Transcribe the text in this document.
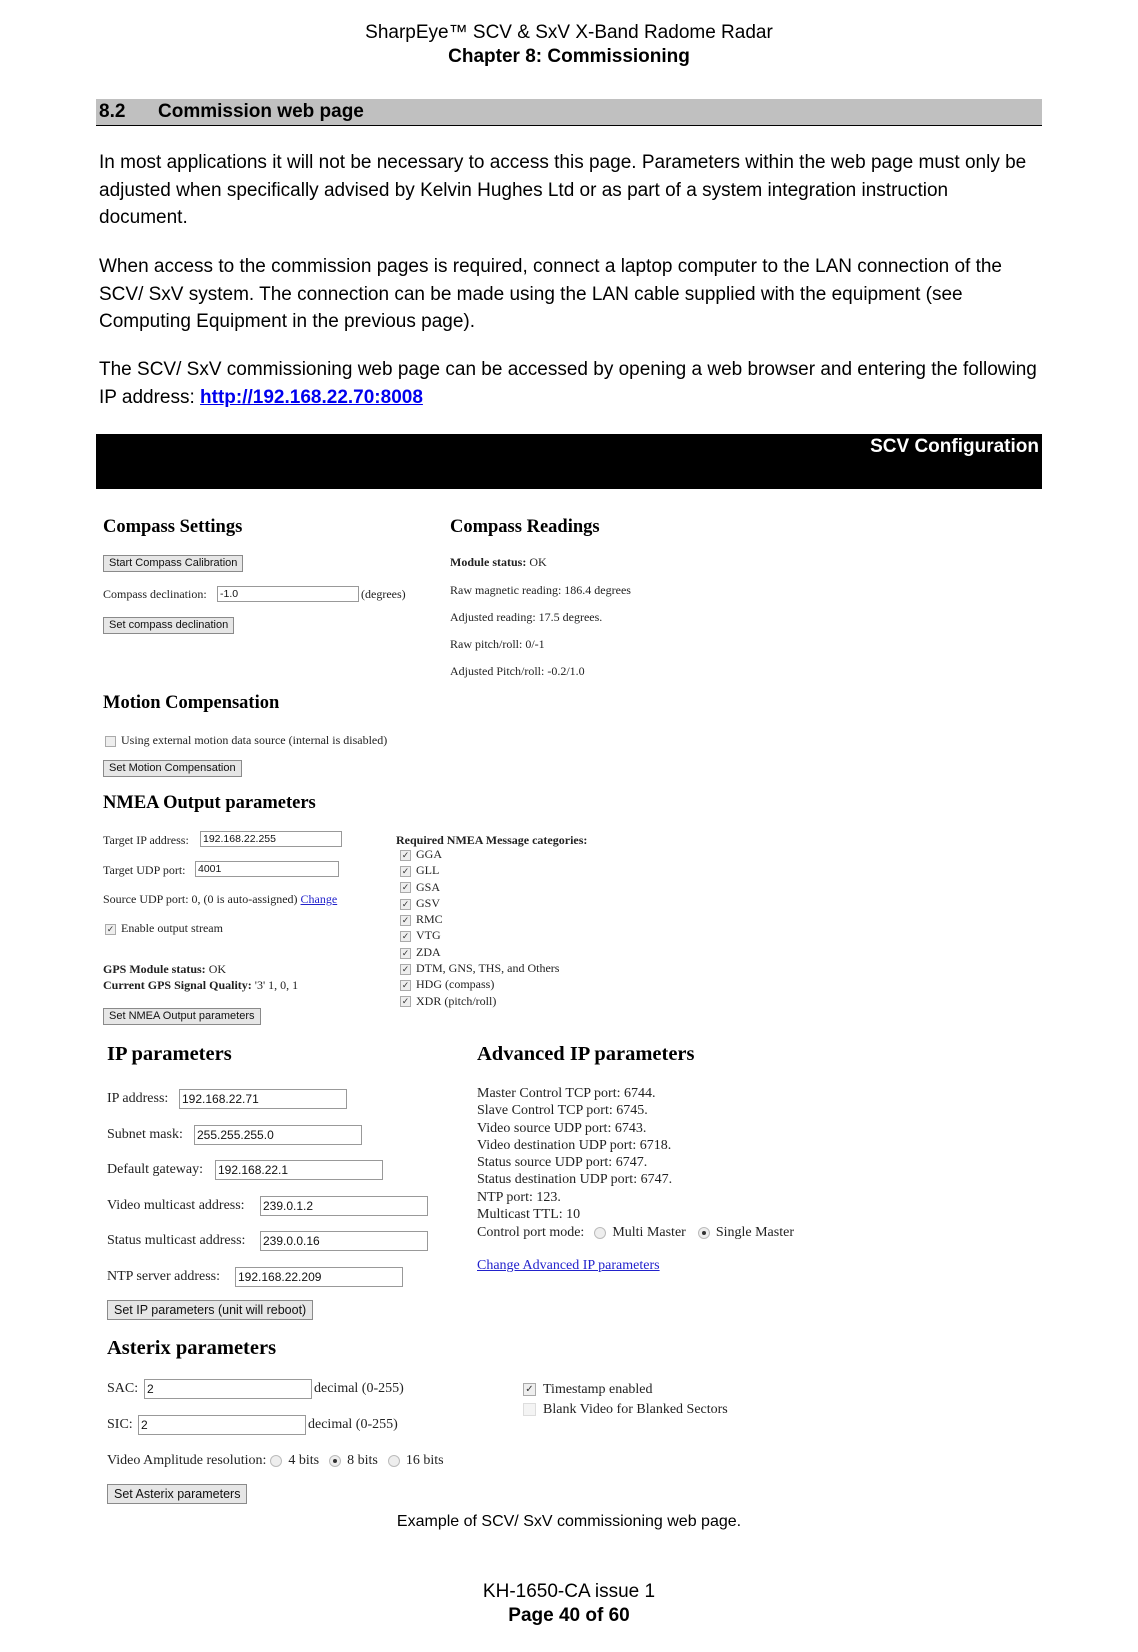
SharpEye™ SCV & SxV X-Band Radome Radar
Chapter 8: Commissioning
8.2 Commission web page
In most applications it will not be necessary to access this page. Parameters within the web page must only be adjusted when specifically advised by Kelvin Hughes Ltd or as part of a system integration instruction document.
When access to the commission pages is required, connect a laptop computer to the LAN connection of the SCV/ SxV system. The connection can be made using the LAN cable supplied with the equipment (see Computing Equipment in the previous page).
The SCV/ SxV commissioning web page can be accessed by opening a web browser and entering the following IP address: http://192.168.22.70:8008
SCV Configuration
Compass Settings
Start Compass Calibration
Compass declination: -1.0	(degrees)
Set compass declination
Compass Readings
Module status: OK
Raw magnetic reading: 186.4 degrees
Adjusted reading: 17.5 degrees.
Raw pitch/roll: 0/-1
Adjusted Pitch/roll: -0.2/1.0
Motion Compensation
Using external motion data source (internal is disabled)
Set Motion Compensation
NMEA Output parameters
Target IP address: 192.168.22.255
Target UDP port: 4001
Source UDP port: 0, (0 is auto-assigned) Change
✓ Enable output stream
GPS Module status: OK
Current GPS Signal Quality: '3' 1, 0, 1
Set NMEA Output parameters
Required NMEA Message categories:
✓ GGA
✓ GLL
✓ GSA
✓ GSV
✓ RMC
✓ VTG
✓ ZDA
✓ DTM, GNS, THS, and Others
✓ HDG (compass)
✓ XDR (pitch/roll)
IP parameters
IP address: 192.168.22.71
Subnet mask: 255.255.255.0
Default gateway: 192.168.22.1
Video multicast address: 239.0.1.2
Status multicast address: 239.0.0.16
NTP server address: 192.168.22.209
Set IP parameters (unit will reboot)
Advanced IP parameters
Master Control TCP port: 6744.
Slave Control TCP port: 6745.
Video source UDP port: 6743.
Video destination UDP port: 6718.
Status source UDP port: 6747.
Status destination UDP port: 6747.
NTP port: 123.
Multicast TTL: 10
Control port mode: Multi Master Single Master
Change Advanced IP parameters
Asterix parameters
SAC: 2	decimal (0-255)
SIC: 2	decimal (0-255)
✓ Timestamp enabled
Blank Video for Blanked Sectors
Video Amplitude resolution: 4 bits 8 bits 16 bits
Set Asterix parameters
Example of SCV/ SxV commissioning web page.
KH-1650-CA issue 1
Page 40 of 60
